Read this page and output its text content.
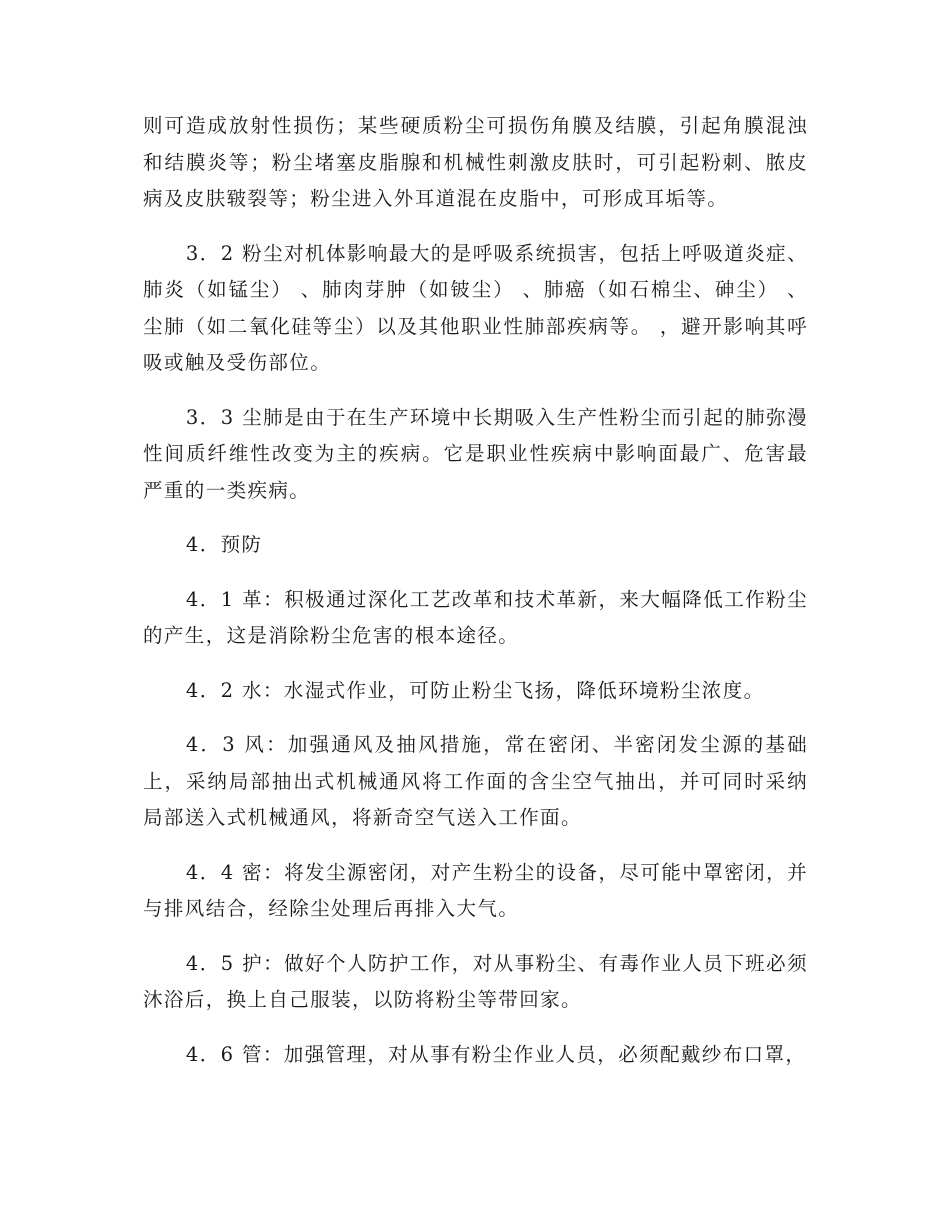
则可造成放射性损伤；某些硬质粉尘可损伤角膜及结膜，引起角膜混浊和结膜炎等；粉尘堵塞皮脂腺和机械性刺激皮肤时，可引起粉刺、脓皮病及皮肤皲裂等；粉尘进入外耳道混在皮脂中，可形成耳垢等。

3．2 粉尘对机体影响最大的是呼吸系统损害，包括上呼吸道炎症、肺炎（如锰尘） 、肺肉芽肿（如铍尘） 、肺癌（如石棉尘、砷尘） 、尘肺（如二氧化硅等尘）以及其他职业性肺部疾病等。 ，避开影响其呼吸或触及受伤部位。

3．3 尘肺是由于在生产环境中长期吸入生产性粉尘而引起的肺弥漫性间质纤维性改变为主的疾病。它是职业性疾病中影响面最广、危害最严重的一类疾病。

4．预防

4．1 革：积极通过深化工艺改革和技术革新，来大幅降低工作粉尘的产生，这是消除粉尘危害的根本途径。

4．2 水：水湿式作业，可防止粉尘飞扬，降低环境粉尘浓度。

4．3 风：加强通风及抽风措施，常在密闭、半密闭发尘源的基础上，采纳局部抽出式机械通风将工作面的含尘空气抽出，并可同时采纳局部送入式机械通风，将新奇空气送入工作面。

4．4 密：将发尘源密闭，对产生粉尘的设备，尽可能中罩密闭，并与排风结合，经除尘处理后再排入大气。

4．5 护：做好个人防护工作，对从事粉尘、有毒作业人员下班必须沐浴后，换上自己服装，以防将粉尘等带回家。

4．6 管：加强管理，对从事有粉尘作业人员，必须配戴纱布口罩，
